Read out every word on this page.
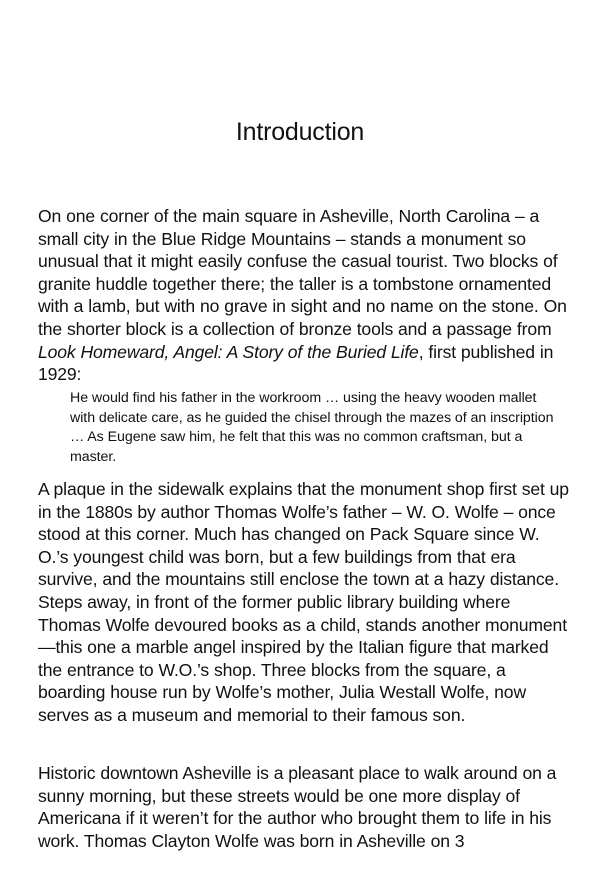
Introduction

On one corner of the main square in Asheville, North Carolina – a small city in the Blue Ridge Mountains – stands a monument so unusual that it might easily confuse the casual tourist. Two blocks of granite huddle together there; the taller is a tombstone ornamented with a lamb, but with no grave in sight and no name on the stone. On the shorter block is a collection of bronze tools and a passage from Look Homeward, Angel: A Story of the Buried Life, first published in 1929:

He would find his father in the workroom … using the heavy wooden mallet with delicate care, as he guided the chisel through the mazes of an inscription … As Eugene saw him, he felt that this was no common craftsman, but a master.

A plaque in the sidewalk explains that the monument shop first set up in the 1880s by author Thomas Wolfe’s father – W. O. Wolfe – once stood at this corner. Much has changed on Pack Square since W. O.’s youngest child was born, but a few buildings from that era survive, and the mountains still enclose the town at a hazy distance. Steps away, in front of the former public library building where Thomas Wolfe devoured books as a child, stands another monument—this one a marble angel inspired by the Italian figure that marked the entrance to W.O.’s shop. Three blocks from the square, a boarding house run by Wolfe’s mother, Julia Westall Wolfe, now serves as a museum and memorial to their famous son.

Historic downtown Asheville is a pleasant place to walk around on a sunny morning, but these streets would be one more display of Americana if it weren’t for the author who brought them to life in his work. Thomas Clayton Wolfe was born in Asheville on 3
